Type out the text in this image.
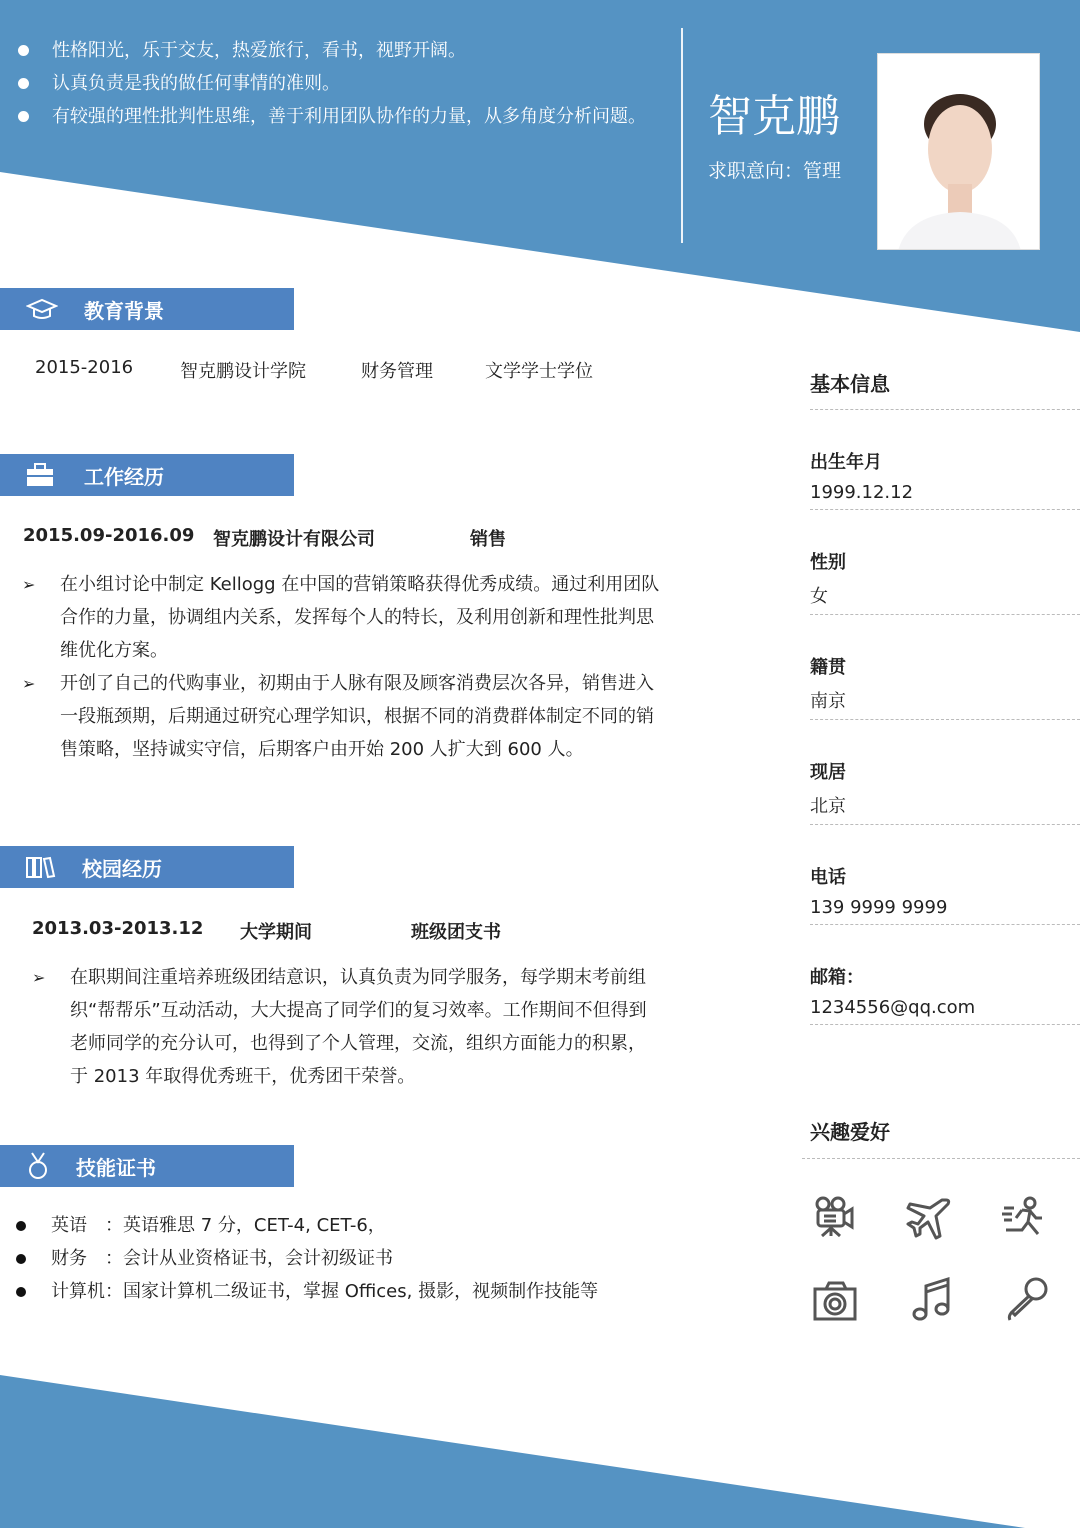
性格阳光，乐于交友，热爱旅行，看书，视野开阔。
认真负责是我的做任何事情的准则。
有较强的理性批判性思维，善于利用团队协作的力量，从多角度分析问题。 智克鹏
求职意向：管理
教育背景
2015-2016	智克鹏设计学院	财务管理	文学学士学位
工作经历
2015.09-2016.09	智克鹏设计有限公司	销售
➢ 在小组讨论中制定 Kellogg 在中国的营销策略获得优秀成绩。通过利用团队合作的力量，协调组内关系，发挥每个人的特长，及利用创新和理性批判思维优化方案。
➢ 开创了自己的代购事业，初期由于人脉有限及顾客消费层次各异，销售进入一段瓶颈期，后期通过研究心理学知识，根据不同的消费群体制定不同的销售策略，坚持诚实守信，后期客户由开始 200 人扩大到 600 人。
校园经历
2013.03-2013.12	大学期间	班级团支书
➢ 在职期间注重培养班级团结意识，认真负责为同学服务，每学期末考前组织“帮帮乐”互动活动，大大提高了同学们的复习效率。工作期间不但得到老师同学的充分认可，也得到了个人管理，交流，组织方面能力的积累，于 2013 年取得优秀班干，优秀团干荣誉。
技能证书
英语　：英语雅思 7 分，CET-4, CET-6，
财务　：会计从业资格证书，会计初级证书
计算机：国家计算机二级证书，掌握 Offices, 摄影，视频制作技能等
基本信息
出生年月
1999.12.12
性别
女
籍贯
南京
现居
北京
电话
139 9999 9999
邮箱：
1234556@qq.com
兴趣爱好
